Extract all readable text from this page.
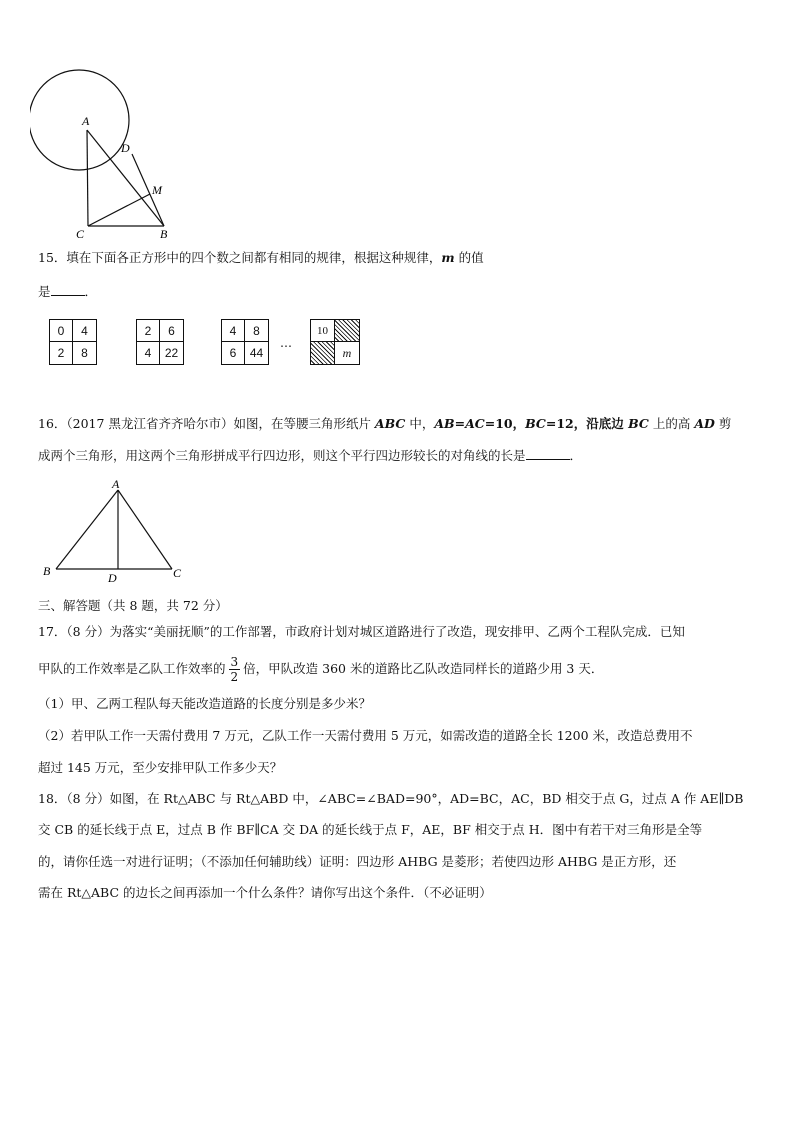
A
D
M
C	B
15．填在下面各正方形中的四个数之间都有相同的规律，根据这种规律，m 的值
是	．
0	4
2	8
2	6
4	22
4	8
6	44
…
10
m
16．（2017 黑龙江省齐齐哈尔市）如图，在等腰三角形纸片 ABC 中，AB=AC=10，BC=12，沿底边 BC 上的高 AD 剪
成两个三角形，用这两个三角形拼成平行四边形，则这个平行四边形较长的对角线的长是	．
A
B	D	C
三、解答题（共 8 题，共 72 分）
17．（8 分）为落实“美丽抚顺”的工作部署，市政府计划对城区道路进行了改造，现安排甲、乙两个工程队完成．已知
甲队的工作效率是乙队工作效率的 $\frac{3}{2}$ 倍，甲队改造 360 米的道路比乙队改造同样长的道路少用 3 天．
（1）甲、乙两工程队每天能改造道路的长度分别是多少米？
（2）若甲队工作一天需付费用 7 万元，乙队工作一天需付费用 5 万元，如需改造的道路全长 1200 米，改造总费用不
超过 145 万元，至少安排甲队工作多少天？
18．（8 分）如图，在 Rt△ABC 与 Rt△ABD 中，∠ABC=∠BAD=90°，AD=BC，AC，BD 相交于点 G，过点 A 作 AE∥DB
交 CB 的延长线于点 E，过点 B 作 BF∥CA 交 DA 的延长线于点 F，AE，BF 相交于点 H．图中有若干对三角形是全等
的，请你任选一对进行证明；（不添加任何辅助线）证明：四边形 AHBG 是菱形；若使四边形 AHBG 是正方形，还
需在 Rt△ABC 的边长之间再添加一个什么条件？请你写出这个条件．（不必证明）
